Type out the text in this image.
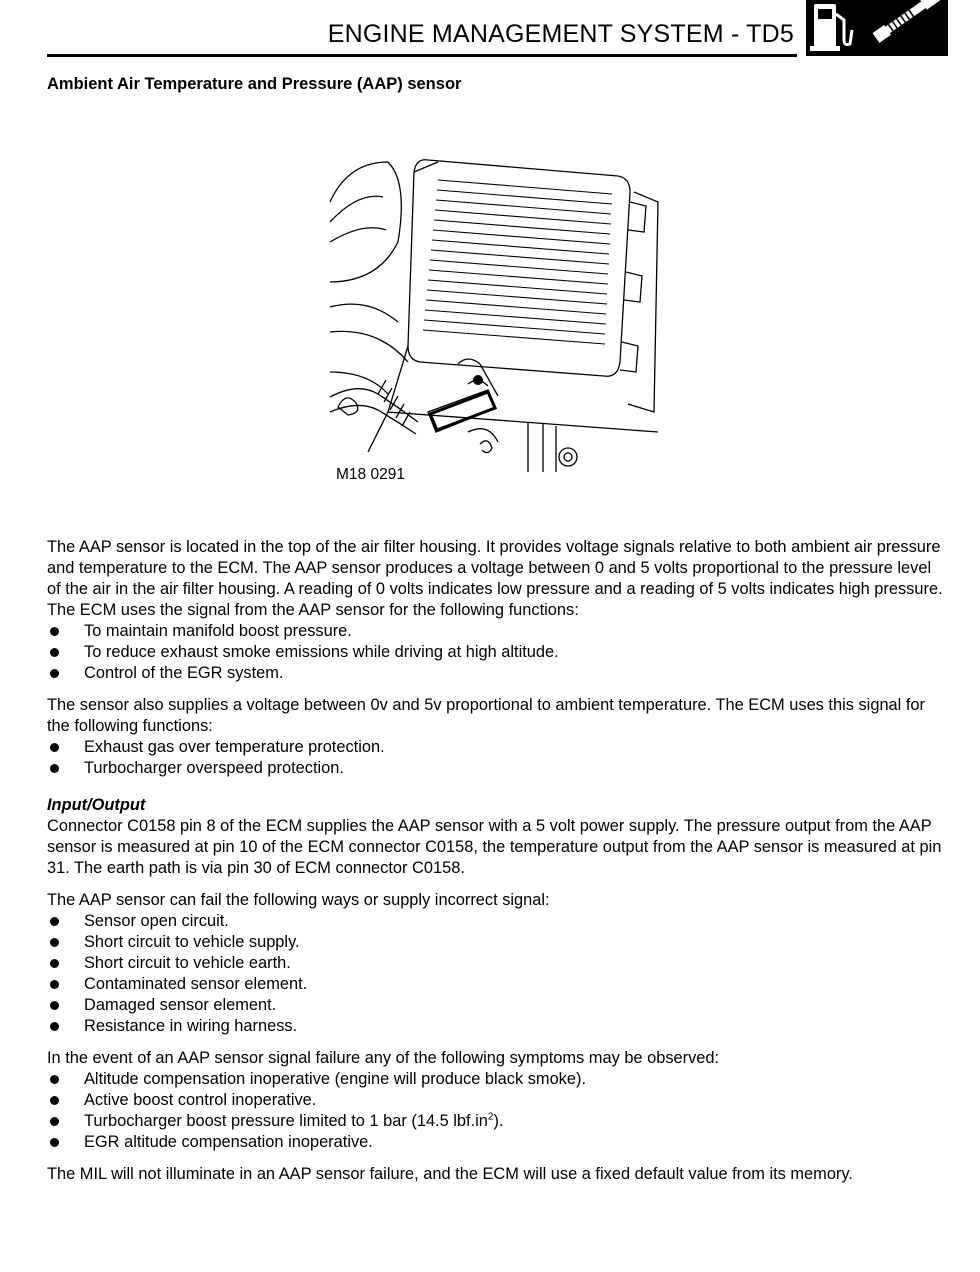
ENGINE MANAGEMENT SYSTEM - TD5
Ambient Air Temperature and Pressure (AAP) sensor
M18 0291

The AAP sensor is located in the top of the air filter housing. It provides voltage signals relative to both ambient air pressure and temperature to the ECM. The AAP sensor produces a voltage between 0 and 5 volts proportional to the pressure level of the air in the air filter housing. A reading of 0 volts indicates low pressure and a reading of 5 volts indicates high pressure. The ECM uses the signal from the AAP sensor for the following functions:

To maintain manifold boost pressure.
To reduce exhaust smoke emissions while driving at high altitude.
Control of the EGR system.

The sensor also supplies a voltage between 0v and 5v proportional to ambient temperature. The ECM uses this signal for the following functions:

Exhaust gas over temperature protection.
Turbocharger overspeed protection.
Input/Output

Connector C0158 pin 8 of the ECM supplies the AAP sensor with a 5 volt power supply. The pressure output from the AAP sensor is measured at pin 10 of the ECM connector C0158, the temperature output from the AAP sensor is measured at pin 31. The earth path is via pin 30 of ECM connector C0158.

The AAP sensor can fail the following ways or supply incorrect signal:

Sensor open circuit.
Short circuit to vehicle supply.
Short circuit to vehicle earth.
Contaminated sensor element.
Damaged sensor element.
Resistance in wiring harness.

In the event of an AAP sensor signal failure any of the following symptoms may be observed:

Altitude compensation inoperative (engine will produce black smoke).
Active boost control inoperative.
Turbocharger boost pressure limited to 1 bar (14.5 $lbf.in^2$).
EGR altitude compensation inoperative.

The MIL will not illuminate in an AAP sensor failure, and the ECM will use a fixed default value from its memory.
